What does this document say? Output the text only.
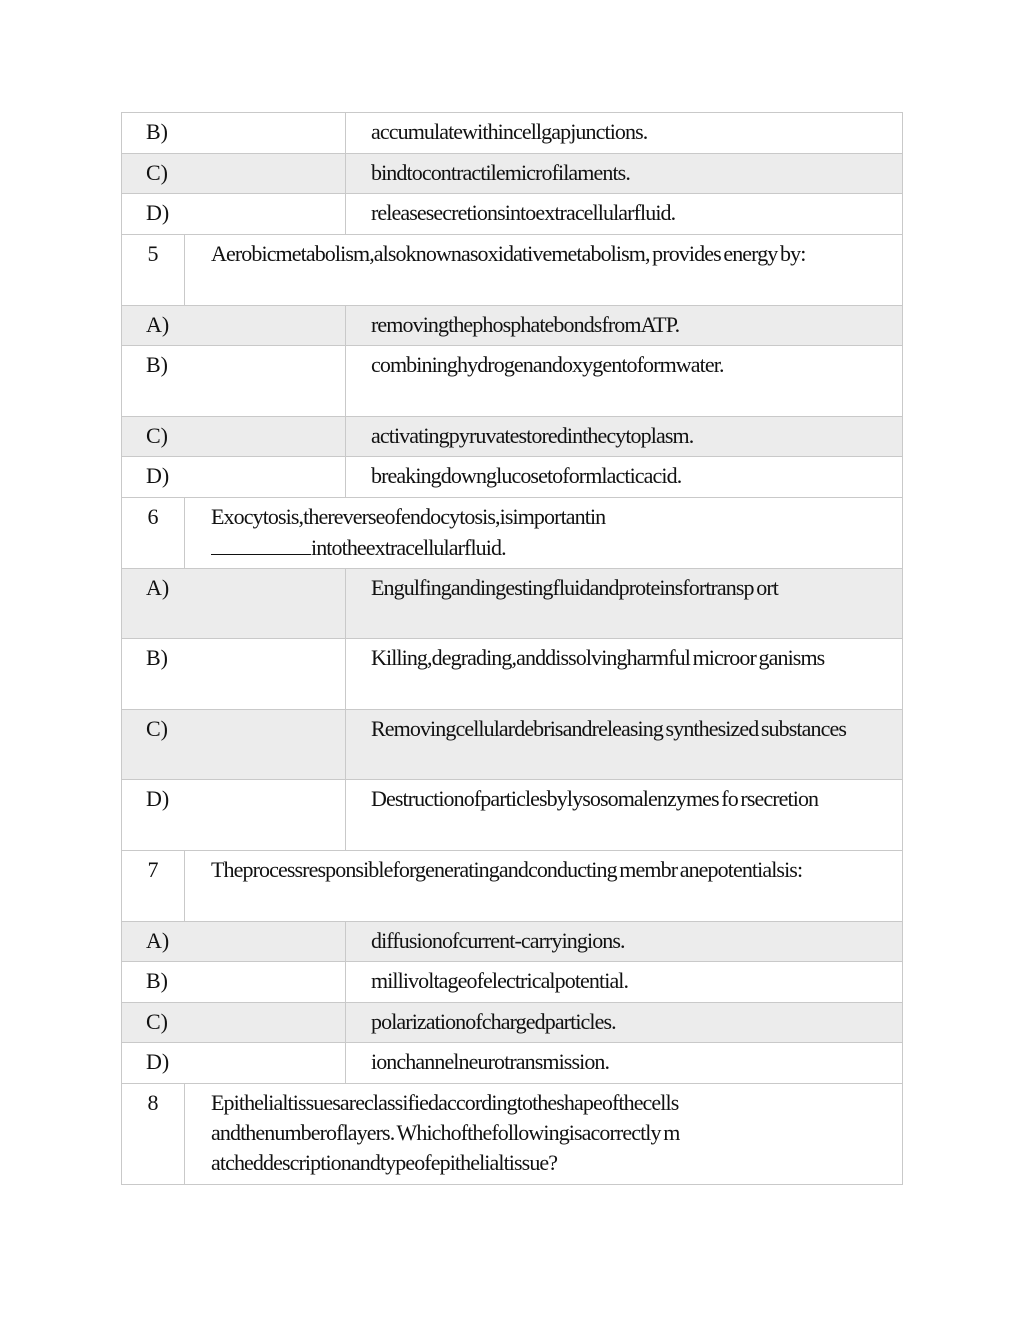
B)	accumulatewithincellgapjunctions.
C)	bindtocontractilemicrofilaments.
D)	releasesecretionsintoextracellularfluid.
5	Aerobicmetabolism,alsoknownasoxidativemetabolism, provides energy by:
A)	removingthephosphatebondsfromATP.
B)	combininghydrogenandoxygentoformwater.
C)	activatingpyruvatestoredinthecytoplasm.
D)	breakingdownglucosetoformlacticacid.
6	Exocytosis,thereverseofendocytosis,isimportantin
intotheextracellularfluid.
A)	Engulfingandingestingfluidandproteinsfortransp ort
B)	Killing,degrading,anddissolvingharmful microor ganisms
C)	Removingcellulardebrisandreleasing synthesized substances
D)	Destructionofparticlesbylysosomalenzymes fo rsecretion
7	Theprocessresponsibleforgeneratingandconducting membr anepotentialsis:
A)	diffusionofcurrent-carryingions.
B)	millivoltageofelectricalpotential.
C)	polarizationofchargedparticles.
D)	ionchannelneurotransmission.
8	Epithelialtissuesareclassifiedaccordingtotheshapeofthecells andthenumberoflayers. Whichofthefollowingisacorrectly m atcheddescriptionandtypeofepithelialtissue?
